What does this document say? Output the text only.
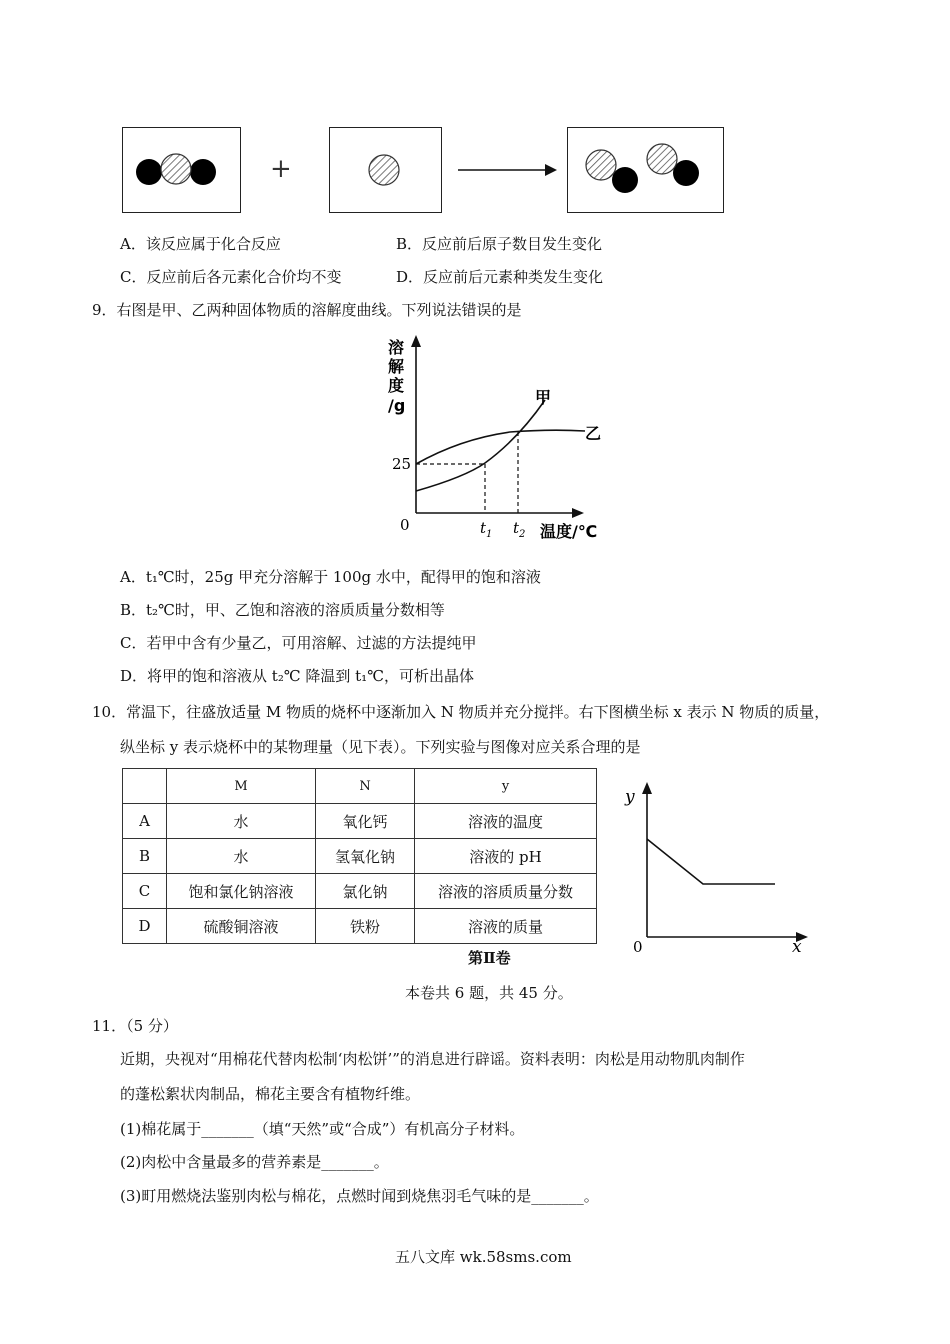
+
A．该反应属于化合反应	B．反应前后原子数目发生变化
C．反应前后各元素化合价均不变	D．反应前后元素种类发生变化
9．右图是甲、乙两种固体物质的溶解度曲线。下列说法错误的是
溶
解
度
/g
25
0	$t_1$ $t_2$ 温度/℃
甲
乙
A．t₁℃时，25g 甲充分溶解于 100g 水中，配得甲的饱和溶液
B．t₂℃时，甲、乙饱和溶液的溶质质量分数相等
C．若甲中含有少量乙，可用溶解、过滤的方法提纯甲
D．将甲的饱和溶液从 t₂℃ 降温到 t₁℃，可析出晶体
10．常温下，往盛放适量 M 物质的烧杯中逐渐加入 N 物质并充分搅拌。右下图横坐标 x 表示 N 物质的质量，
纵坐标 y 表示烧杯中的某物理量（见下表）。下列实验与图像对应关系合理的是
	M	N	y
A	水	氧化钙	溶液的温度
B	水	氢氧化钠	溶液的 pH
C	饱和氯化钠溶液	氯化钠	溶液的溶质质量分数
D	硫酸铜溶液	铁粉	溶液的质量
y
x
0
第Ⅱ卷
本卷共 6 题，共 45 分。
11．（5 分）
近期，央视对“用棉花代替肉松制‘肉松饼’”的消息进行辟谣。资料表明：肉松是用动物肌肉制作
的蓬松絮状肉制品，棉花主要含有植物纤维。
(1)棉花属于_______（填“天然”或“合成”）有机高分子材料。
(2)肉松中含量最多的营养素是_______。
(3)町用燃烧法鉴别肉松与棉花，点燃时闻到烧焦羽毛气味的是_______。
五八文库 wk.58sms.com
